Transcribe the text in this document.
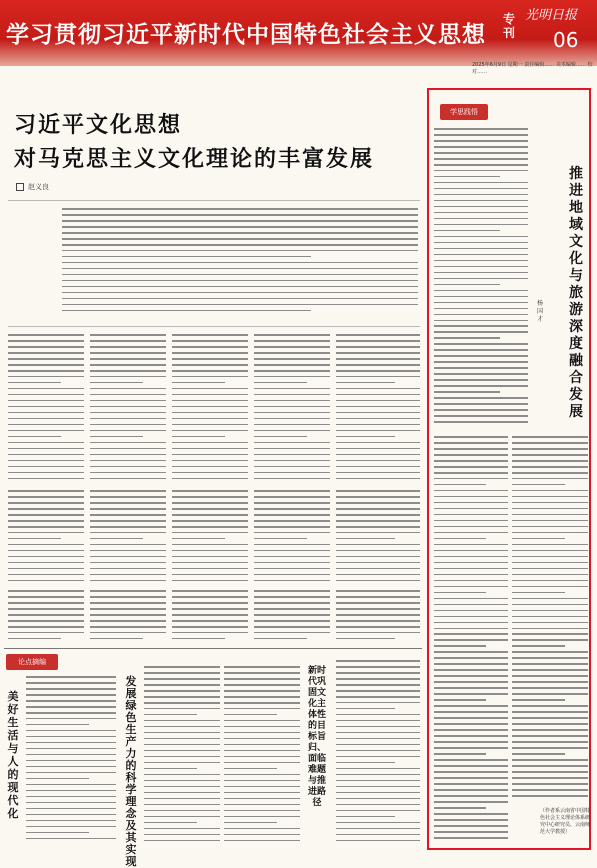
学习贯彻习近平新时代中国特色社会主义思想
专刊
光明日报
06
2025年6月9日 星期一 责任编辑…… 美术编辑…… 校对……
习近平文化思想
对马克思主义文化理论的丰富发展
赵义良
论点摘编
美好生活与人的现代化
发展绿色生产力的科学理念及其实现
新时代巩固文化主体性的目标旨归、面临难题与推进路径
学思践悟
推进地域文化与旅游深度融合发展
杨国才
（作者系云南省中国特色社会主义理论体系研究中心研究员、云南师范大学教授）
